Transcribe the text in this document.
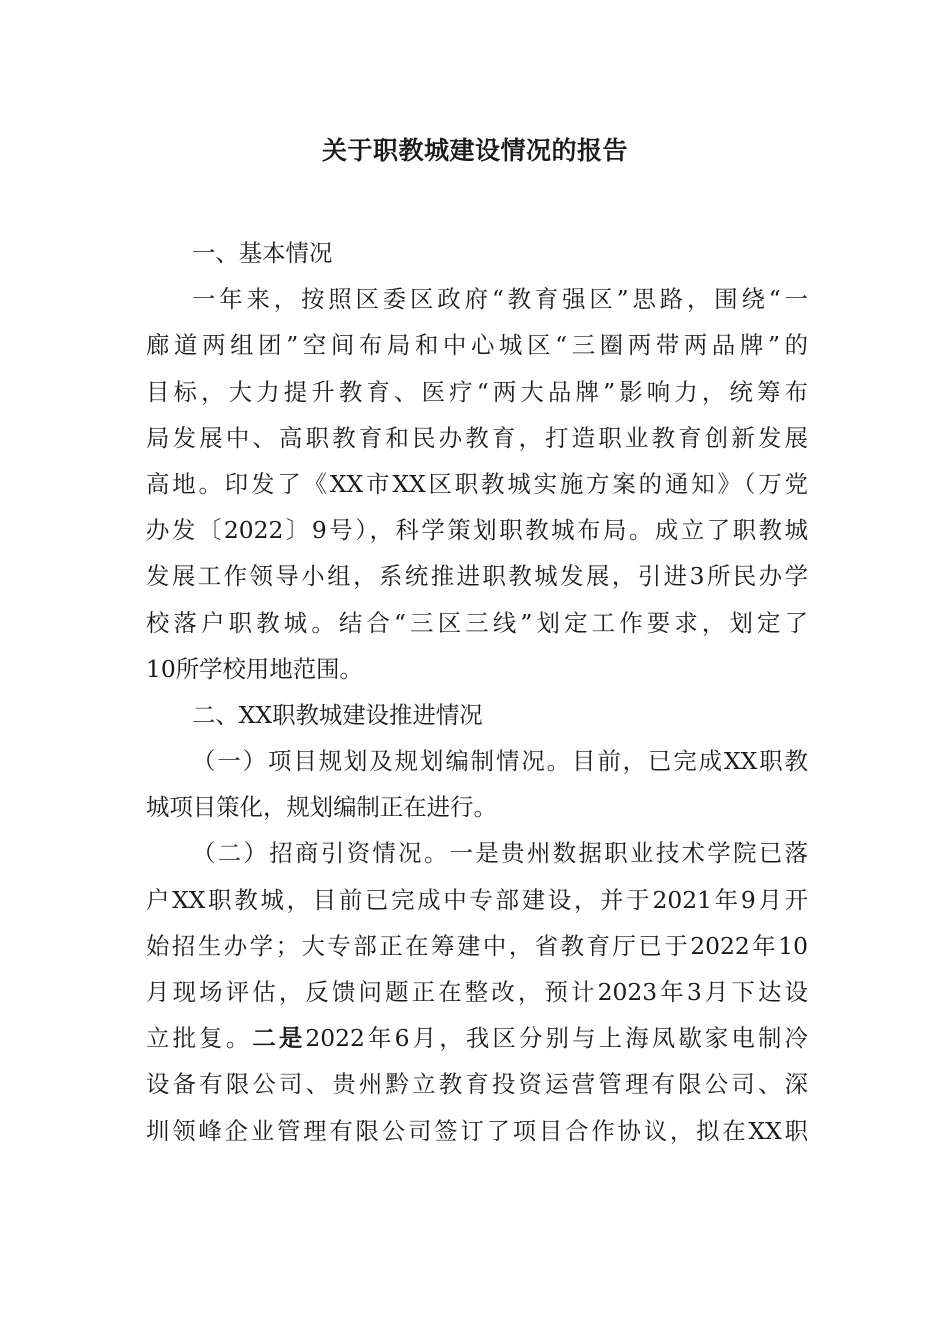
关于职教城建设情况的报告
一、基本情况
一年来，按照区委区政府“教育强区”思路，围绕“一
廊道两组团”空间布局和中心城区“三圈两带两品牌”的
目标，大力提升教育、医疗“两大品牌”影响力，统筹布
局发展中、高职教育和民办教育，打造职业教育创新发展
高地。印发了《XX市XX区职教城实施方案的通知》（万党
办发〔2022〕9号），科学策划职教城布局。成立了职教城
发展工作领导小组，系统推进职教城发展，引进3所民办学
校落户职教城。结合“三区三线”划定工作要求，划定了
10所学校用地范围。
二、XX职教城建设推进情况
（一）项目规划及规划编制情况。目前，已完成XX职教
城项目策化，规划编制正在进行。
（二）招商引资情况。一是贵州数据职业技术学院已落
户XX职教城，目前已完成中专部建设，并于2021年9月开
始招生办学；大专部正在筹建中，省教育厅已于2022年10
月现场评估，反馈问题正在整改，预计2023年3月下达设
立批复。二是2022年6月，我区分别与上海凤歇家电制冷
设备有限公司、贵州黔立教育投资运营管理有限公司、深
圳领峰企业管理有限公司签订了项目合作协议，拟在XX职
